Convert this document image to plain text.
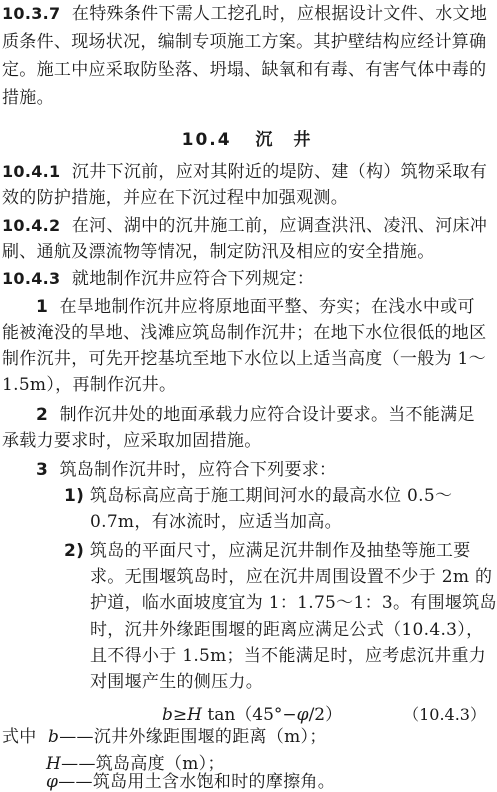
10.3.7 在特殊条件下需人工挖孔时，应根据设计文件、水文地
质条件、现场状况，编制专项施工方案。其护壁结构应经计算确
定。施工中应采取防坠落、坍塌、缺氧和有毒、有害气体中毒的
措施。
10.4 沉　井
10.4.1 沉井下沉前，应对其附近的堤防、建（构）筑物采取有
效的防护措施，并应在下沉过程中加强观测。
10.4.2 在河、湖中的沉井施工前，应调查洪汛、凌汛、河床冲
刷、通航及漂流物等情况，制定防汛及相应的安全措施。
10.4.3 就地制作沉井应符合下列规定：
1 在旱地制作沉井应将原地面平整、夯实；在浅水中或可
能被淹没的旱地、浅滩应筑岛制作沉井；在地下水位很低的地区
制作沉井，可先开挖基坑至地下水位以上适当高度（一般为 1～
1.5m），再制作沉井。
2 制作沉井处的地面承载力应符合设计要求。当不能满足
承载力要求时，应采取加固措施。
3 筑岛制作沉井时，应符合下列要求：
1) 筑岛标高应高于施工期间河水的最高水位 0.5～
0.7m，有冰流时，应适当加高。
2) 筑岛的平面尺寸，应满足沉井制作及抽垫等施工要
求。无围堰筑岛时，应在沉井周围设置不少于 2m 的
护道，临水面坡度宜为 1：1.75～1：3。有围堰筑岛
时，沉井外缘距围堰的距离应满足公式（10.4.3），
且不得小于 1.5m；当不能满足时，应考虑沉井重力
对围堰产生的侧压力。
b≥H tan（45°−φ/2）	（10.4.3）
式中 b——沉井外缘距围堰的距离（m）；
H——筑岛高度（m）；
φ——筑岛用土含水饱和时的摩擦角。
